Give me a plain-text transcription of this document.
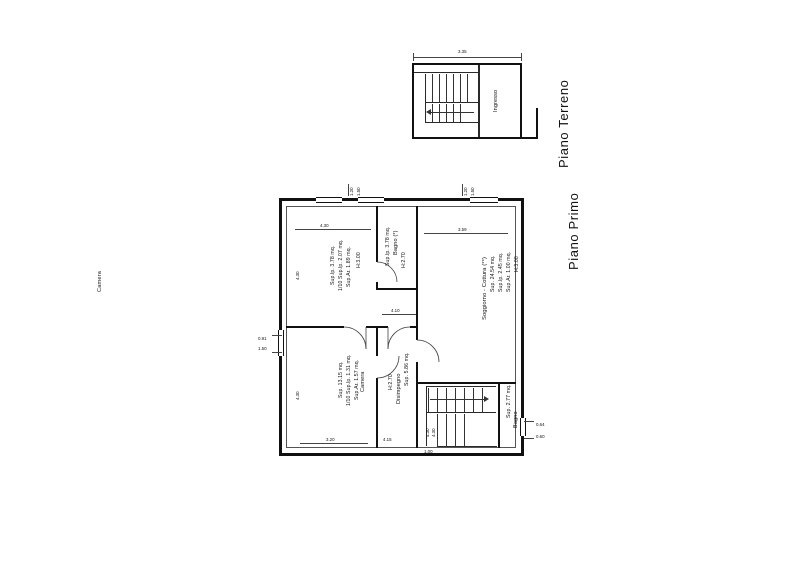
3.35
Ingresso	Piano Terreno
Camera	Sup.lp. 3.78 mq. 1/10 Sup.lp. 2.07 mq. Sup.Ar. 1.89 mq. H:3.00
Bagno (*)
H:2.70
Sup.lp. 3.78 mq.
Soggiorno - Cottura (**) Sup. 24.54 mq. Sup.lp. 2.45 mq. Sup.Ar. 1.00 mq. H:3.00
Camera
Sup. 13.15 mq. 1/10 Sup.lp. 1.31 mq. Sup.Ar. 1.57 mq.	Disimpegno
Sup. 5.86 mq.
H:2.70
Bagno
Sup. 2.77 mq.
1.20 1.50	1.20 1.50
4.30
3.59
4.30
4.30
4.10
0.91
1.50
0.64
0.60
3.20	4.15
1.00
4.30 4.30
Piano Primo
